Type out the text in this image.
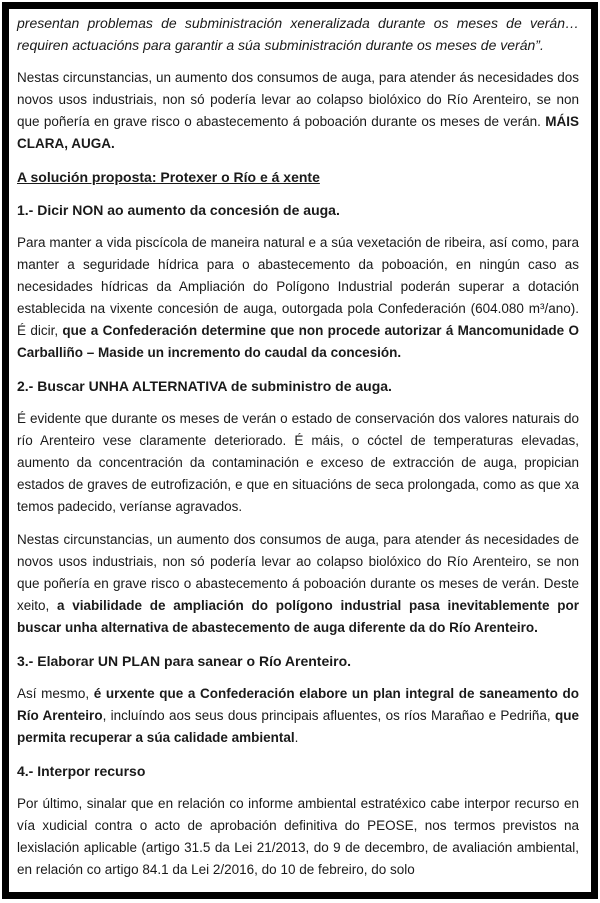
presentan problemas de subministración xeneralizada durante os meses de verán… requiren actuacións para garantir a súa subministración durante os meses de verán”.

Nestas circunstancias, un aumento dos consumos de auga, para atender ás necesidades dos novos usos industriais, non só podería levar ao colapso biolóxico do Río Arenteiro, se non que poñería en grave risco o abastecemento á poboación durante os meses de verán. MÁIS CLARA, AUGA.

A solución proposta: Protexer o Río e á xente

1.- Dicir NON ao aumento da concesión de auga.

Para manter a vida piscícola de maneira natural e a súa vexetación de ribeira, así como, para manter a seguridade hídrica para o abastecemento da poboación, en ningún caso as necesidades hídricas da Ampliación do Polígono Industrial poderán superar a dotación establecida na vixente concesión de auga, outorgada pola Confederación (604.080 m³/ano). É dicir, que a Confederación determine que non procede autorizar á Mancomunidade O Carballiño – Maside un incremento do caudal da concesión.

2.- Buscar UNHA ALTERNATIVA de subministro de auga.

É evidente que durante os meses de verán o estado de conservación dos valores naturais do río Arenteiro vese claramente deteriorado. É máis, o cóctel de temperaturas elevadas, aumento da concentración da contaminación e exceso de extracción de auga, propician estados de graves de eutrofización, e que en situacións de seca prolongada, como as que xa temos padecido, veríanse agravados.

Nestas circunstancias, un aumento dos consumos de auga, para atender ás necesidades de novos usos industriais, non só podería levar ao colapso biolóxico do Río Arenteiro, se non que poñería en grave risco o abastecemento á poboación durante os meses de verán. Deste xeito, a viabilidade de ampliación do polígono industrial pasa inevitablemente por buscar unha alternativa de abastecemento de auga diferente da do Río Arenteiro.

3.- Elaborar UN PLAN para sanear o Río Arenteiro.

Así mesmo, é urxente que a Confederación elabore un plan integral de saneamento do Río Arenteiro, incluíndo aos seus dous principais afluentes, os ríos Marañao e Pedriña, que permita recuperar a súa calidade ambiental.

4.- Interpor recurso

Por último, sinalar que en relación co informe ambiental estratéxico cabe interpor recurso en vía xudicial contra o acto de aprobación definitiva do PEOSE, nos termos previstos na lexislación aplicable (artigo 31.5 da Lei 21/2013, do 9 de decembro, de avaliación ambiental, en relación co artigo 84.1 da Lei 2/2016, do 10 de febreiro, do solo
